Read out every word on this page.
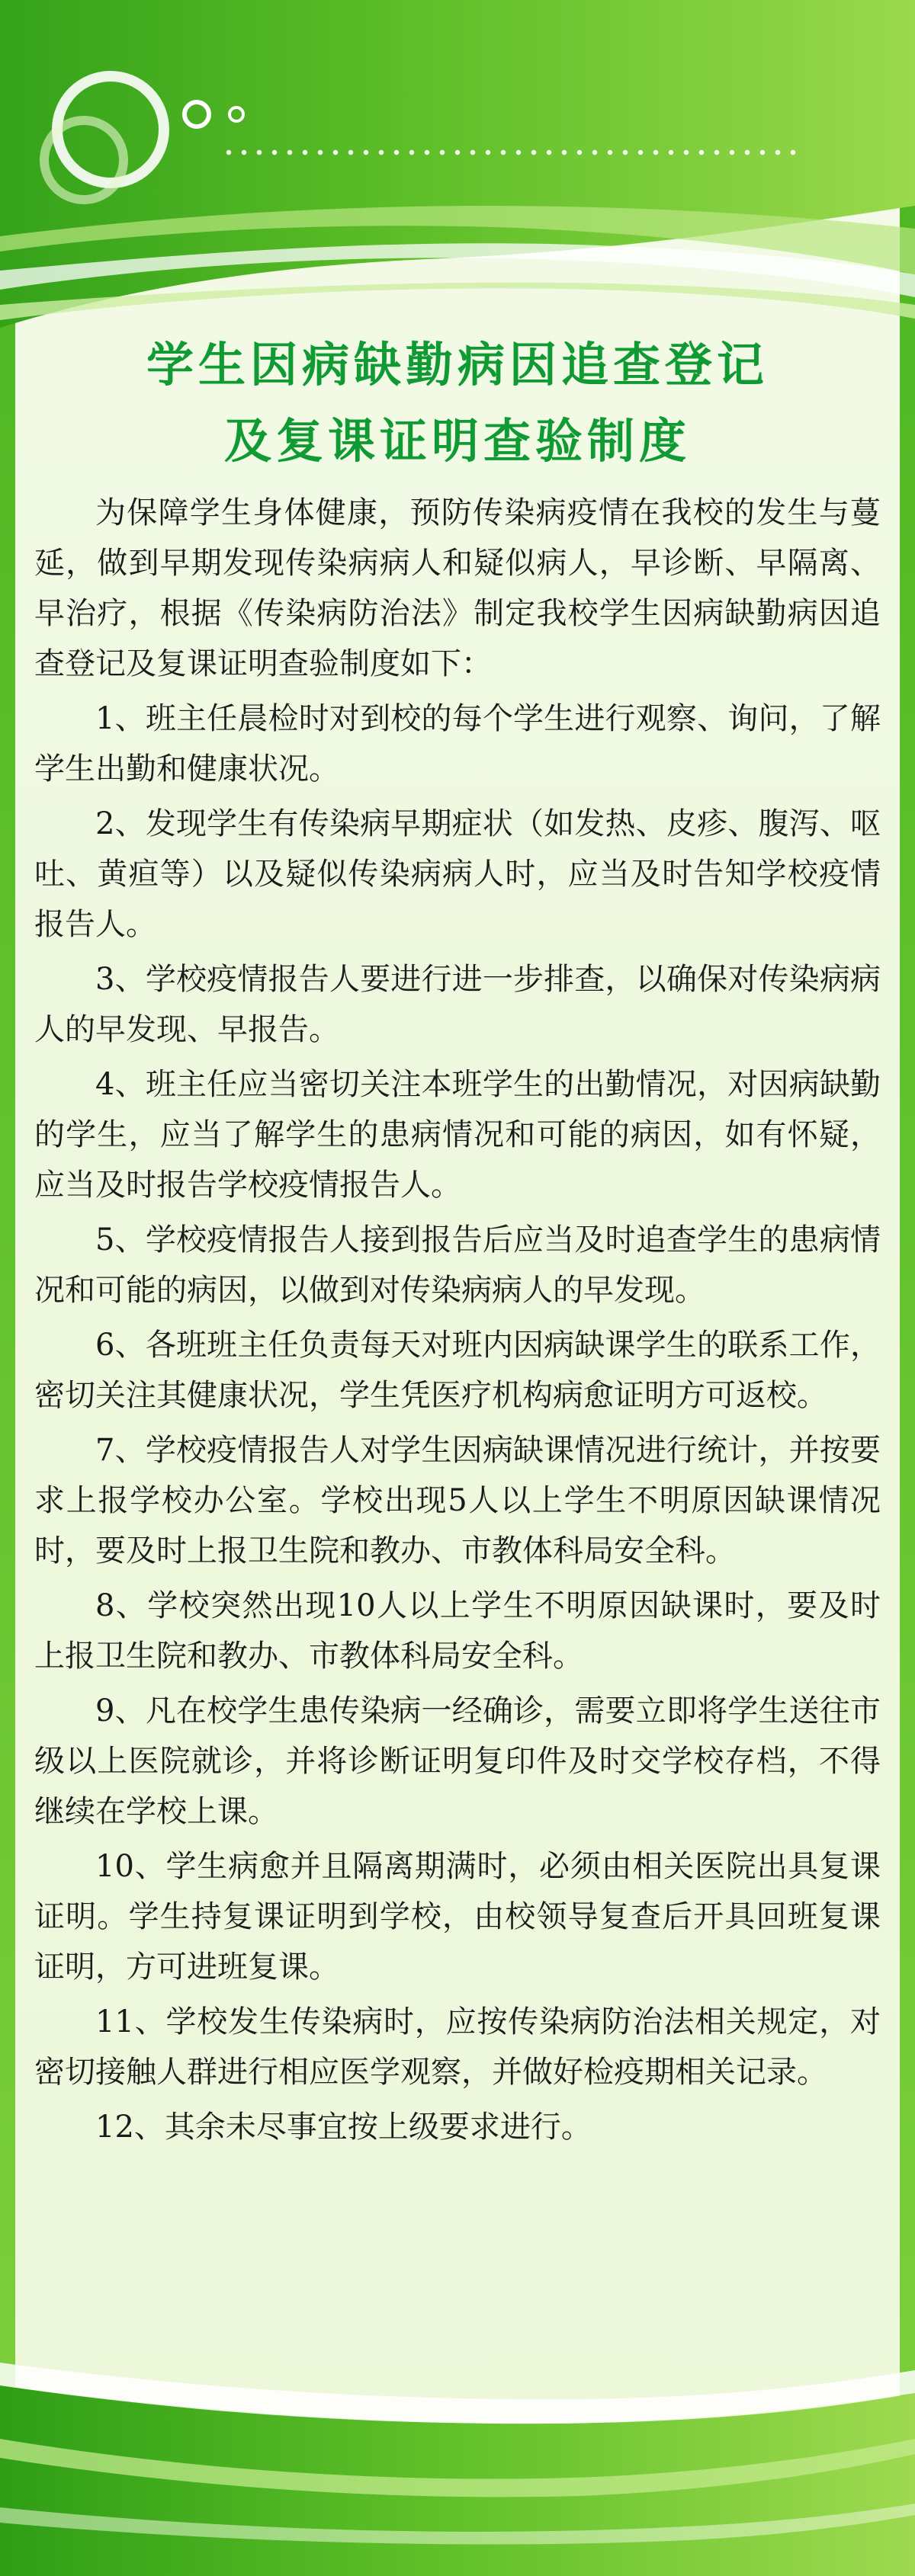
学生因病缺勤病因追查登记
及复课证明查验制度

为保障学生身体健康，预防传染病疫情在我校的发生与蔓延，做到早期发现传染病病人和疑似病人，早诊断、早隔离、早治疗，根据《传染病防治法》制定我校学生因病缺勤病因追查登记及复课证明查验制度如下：

1、班主任晨检时对到校的每个学生进行观察、询问，了解学生出勤和健康状况。

2、发现学生有传染病早期症状（如发热、皮疹、腹泻、呕吐、黄疸等）以及疑似传染病病人时，应当及时告知学校疫情报告人。

3、学校疫情报告人要进行进一步排查，以确保对传染病病人的早发现、早报告。

4、班主任应当密切关注本班学生的出勤情况，对因病缺勤的学生，应当了解学生的患病情况和可能的病因，如有怀疑，应当及时报告学校疫情报告人。

5、学校疫情报告人接到报告后应当及时追查学生的患病情况和可能的病因，以做到对传染病病人的早发现。

6、各班班主任负责每天对班内因病缺课学生的联系工作，密切关注其健康状况，学生凭医疗机构病愈证明方可返校。

7、学校疫情报告人对学生因病缺课情况进行统计，并按要求上报学校办公室。学校出现5人以上学生不明原因缺课情况时，要及时上报卫生院和教办、市教体科局安全科。

8、学校突然出现10人以上学生不明原因缺课时，要及时上报卫生院和教办、市教体科局安全科。

9、凡在校学生患传染病一经确诊，需要立即将学生送往市级以上医院就诊，并将诊断证明复印件及时交学校存档，不得继续在学校上课。

10、学生病愈并且隔离期满时，必须由相关医院出具复课证明。学生持复课证明到学校，由校领导复查后开具回班复课证明，方可进班复课。

11、学校发生传染病时，应按传染病防治法相关规定，对密切接触人群进行相应医学观察，并做好检疫期相关记录。

12、其余未尽事宜按上级要求进行。
